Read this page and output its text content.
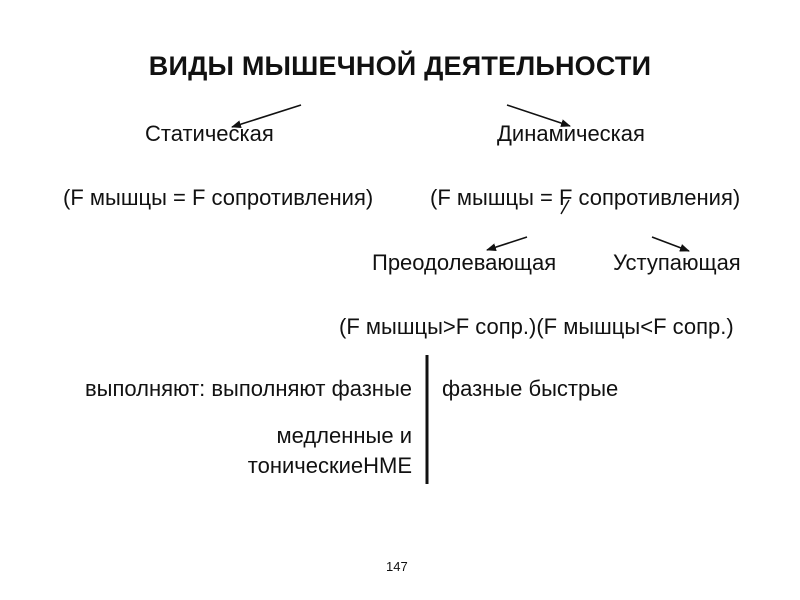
ВИДЫ МЫШЕЧНОЙ ДЕЯТЕЛЬНОСТИ
Статическая	Динамическая
(F мышцы = F сопротивления)	(F мышцы = F сопротивления)
Преодолевающая	Уступающая
(F мышцы>F сопр.)(F мышцы<F сопр.)
выполняют: выполняют фазные
медленные и
тоническиеНМЕ
фазные быстрые
147
